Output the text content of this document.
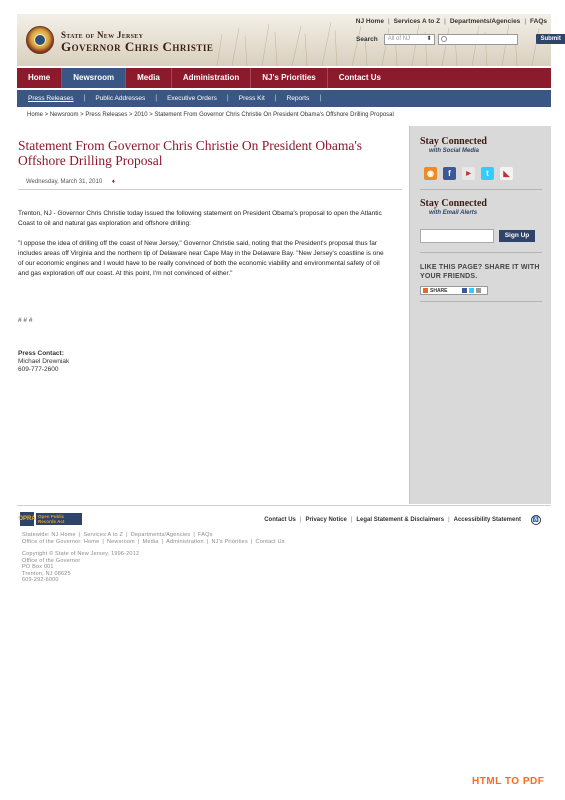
State of New Jersey
Governor Chris Christie
NJ Home | Services A to Z | Departments/Agencies | FAQs
Search	All of NJ	⬍	Submit
Home	Newsroom	Media	Administration	NJ's Priorities	Contact Us
Press Releases | Public Addresses | Executive Orders | Press Kit | Reports |
Home > Newsroom > Press Releases > 2010 > Statement From Governor Chris Christie On President Obama's Offshore Drilling Proposal
Statement From Governor Chris Christie On President Obama's Offshore Drilling Proposal
Wednesday, March 31, 2010 ♦

Trenton, NJ - Governor Chris Christie today issued the following statement on President Obama's proposal to open the Atlantic Coast to oil and natural gas exploration and offshore drilling:

"I oppose the idea of drilling off the coast of New Jersey," Governor Christie said, noting that the President's proposal thus far includes areas off Virginia and the northern tip of Delaware near Cape May in the Delaware Bay. "New Jersey's coastline is one of our economic engines and I would have to be really convinced of both the economic viability and environmental safety of oil and gas exploration off our coast. At this point, I'm not convinced of either."

# # #
Press Contact:
Michael Drewniak
609-777-2600
Stay Connected
with Social Media
◉	f	▶	t	◣
Stay Connected
with Email Alerts
Sign Up
LIKE THIS PAGE? SHARE IT WITH YOUR FRIENDS.
SHARE
OPRA Open Public Records Act	Contact Us | Privacy Notice | Legal Statement & Disclaimers | Accessibility Statement	♿
Statewide: NJ Home | Services A to Z | Departments/Agencies | FAQs
Office of the Governor: Home | Newsroom | Media | Administration | NJ's Priorities | Contact Us
Copyright © State of New Jersey, 1996-2012
Office of the Governor
PO Box 001
Trenton, NJ 08625
609-292-6000
HTML TO PDF
